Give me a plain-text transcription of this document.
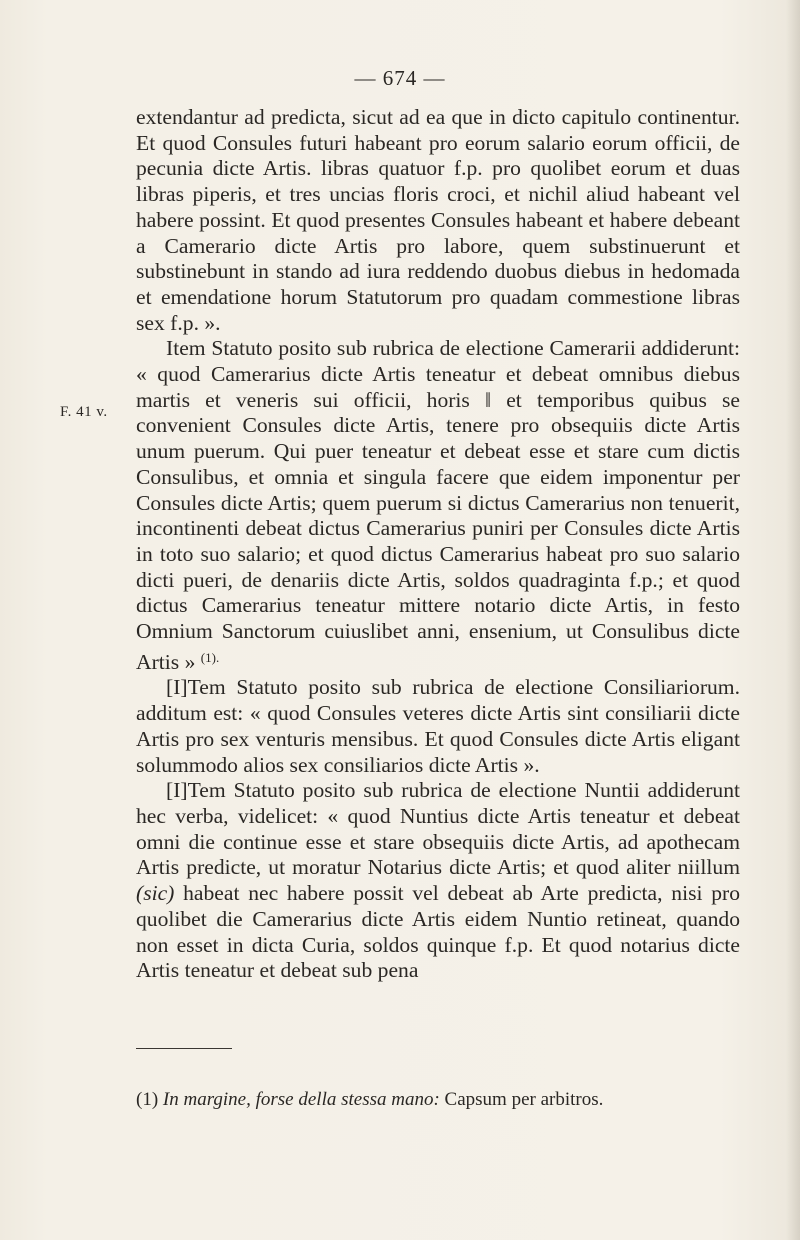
— 674 —
F. 41 v.

extendantur ad predicta, sicut ad ea que in dicto capitulo continentur. Et quod Consules futuri habeant pro eorum salario eorum officii, de pecunia dicte Artis. libras quatuor f.p. pro quolibet eorum et duas libras piperis, et tres uncias floris croci, et nichil aliud habeant vel habere possint. Et quod presentes Consules habeant et habere debeant a Camerario dicte Artis pro labore, quem substinuerunt et substinebunt in stando ad iura reddendo duobus diebus in hedomada et emendatione horum Statutorum pro quadam commestione libras sex f.p. ».

Item Statuto posito sub rubrica de electione Camerarii addiderunt: « quod Camerarius dicte Artis teneatur et debeat omnibus diebus martis et veneris sui officii, horis ‖ et temporibus quibus se convenient Consules dicte Artis, tenere pro obsequiis dicte Artis unum puerum. Qui puer teneatur et debeat esse et stare cum dictis Consulibus, et omnia et singula facere que eidem imponentur per Consules dicte Artis; quem puerum si dictus Camerarius non tenuerit, incontinenti debeat dictus Camerarius puniri per Consules dicte Artis in toto suo salario; et quod dictus Camerarius habeat pro suo salario dicti pueri, de denariis dicte Artis, soldos quadraginta f.p.; et quod dictus Camerarius teneatur mittere notario dicte Artis, in festo Omnium Sanctorum cuiuslibet anni, ensenium, ut Consulibus dicte Artis » $^{(1).}$

[I]Tem Statuto posito sub rubrica de electione Consiliariorum. additum est: « quod Consules veteres dicte Artis sint consiliarii dicte Artis pro sex venturis mensibus. Et quod Consules dicte Artis eligant solummodo alios sex consiliarios dicte Artis ».

[I]Tem Statuto posito sub rubrica de electione Nuntii addiderunt hec verba, videlicet: « quod Nuntius dicte Artis teneatur et debeat omni die continue esse et stare obsequiis dicte Artis, ad apothecam Artis predicte, ut moratur Notarius dicte Artis; et quod aliter niillum (sic) habeat nec habere possit vel debeat ab Arte predicta, nisi pro quolibet die Camerarius dicte Artis eidem Nuntio retineat, quando non esset in dicta Curia, soldos quinque f.p. Et quod notarius dicte Artis teneatur et debeat sub pena

(1) In margine, forse della stessa mano: Capsum per arbitros.
